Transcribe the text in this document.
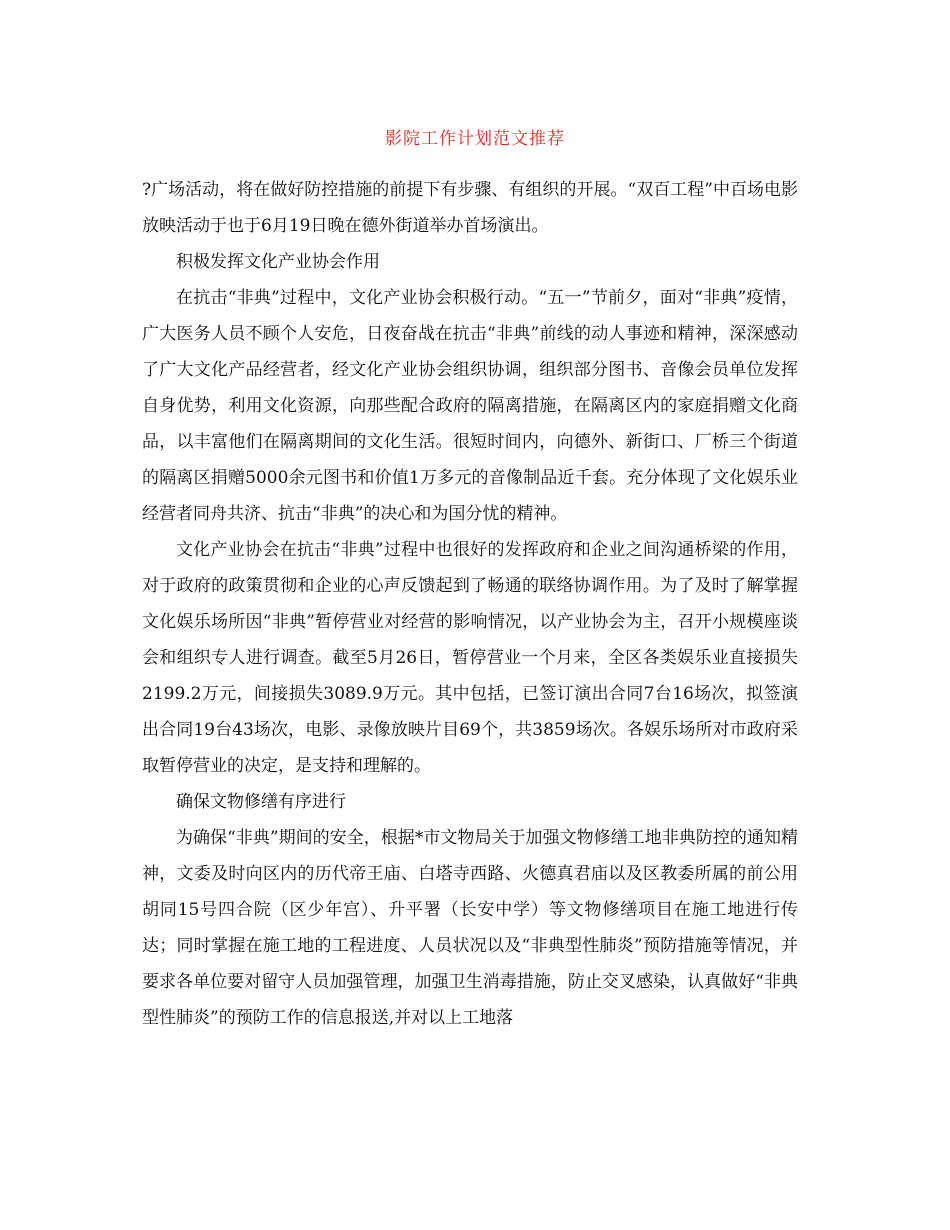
影院工作计划范文推荐

?广场活动，将在做好防控措施的前提下有步骤、有组织的开展。“双百工程”中百场电影放映活动于也于6月19日晚在德外街道举办首场演出。

积极发挥文化产业协会作用

在抗击“非典”过程中，文化产业协会积极行动。“五一”节前夕，面对“非典”疫情，广大医务人员不顾个人安危，日夜奋战在抗击“非典”前线的动人事迹和精神，深深感动了广大文化产品经营者，经文化产业协会组织协调，组织部分图书、音像会员单位发挥自身优势，利用文化资源，向那些配合政府的隔离措施，在隔离区内的家庭捐赠文化商品，以丰富他们在隔离期间的文化生活。很短时间内，向德外、新街口、厂桥三个街道的隔离区捐赠5000余元图书和价值1万多元的音像制品近千套。充分体现了文化娱乐业经营者同舟共济、抗击“非典”的决心和为国分忧的精神。

文化产业协会在抗击“非典”过程中也很好的发挥政府和企业之间沟通桥梁的作用，对于政府的政策贯彻和企业的心声反馈起到了畅通的联络协调作用。为了及时了解掌握文化娱乐场所因“非典”暂停营业对经营的影响情况，以产业协会为主，召开小规模座谈会和组织专人进行调查。截至5月26日，暂停营业一个月来，全区各类娱乐业直接损失2199.2万元，间接损失3089.9万元。其中包括，已签订演出合同7台16场次，拟签演出合同19台43场次，电影、录像放映片目69个，共3859场次。各娱乐场所对市政府采取暂停营业的决定，是支持和理解的。

确保文物修缮有序进行

为确保“非典”期间的安全，根据*市文物局关于加强文物修缮工地非典防控的通知精神，文委及时向区内的历代帝王庙、白塔寺西路、火德真君庙以及区教委所属的前公用胡同15号四合院（区少年宫）、升平署（长安中学）等文物修缮项目在施工地进行传达；同时掌握在施工地的工程进度、人员状况以及“非典型性肺炎”预防措施等情况，并要求各单位要对留守人员加强管理，加强卫生消毒措施，防止交叉感染，认真做好“非典型性肺炎”的预防工作的信息报送,并对以上工地落
